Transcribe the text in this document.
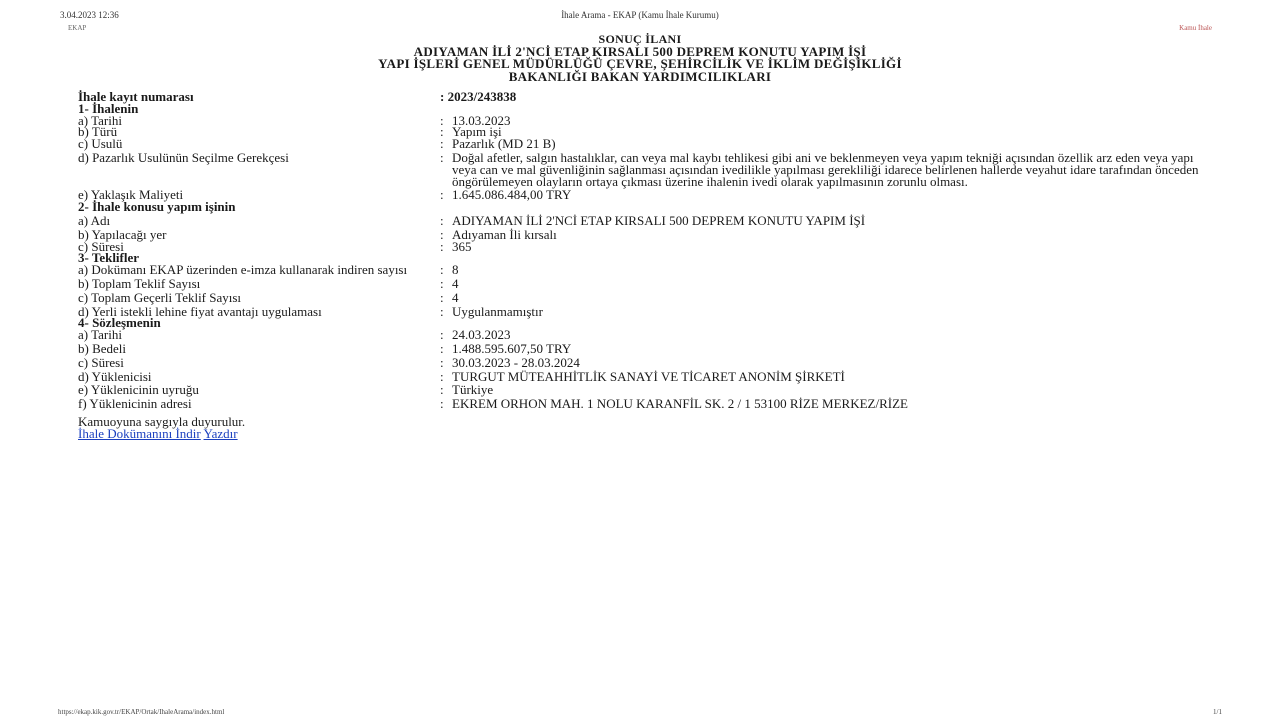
3.04.2023 12:36	İhale Arama - EKAP (Kamu İhale Kurumu)
EKAP	Kamu İhale
SONUÇ İLANI
ADIYAMAN İLİ 2'NCİ ETAP KIRSALI 500 DEPREM KONUTU YAPIM İŞİ
YAPI İŞLERİ GENEL MÜDÜRLÜĞÜ ÇEVRE, ŞEHİRCİLİK VE İKLİM DEĞİŞİKLİĞİ
BAKANLIĞI BAKAN YARDIMCILIKLARI
İhale kayıt numarası	: 2023/243838
1- İhalenin
a) Tarihi	: 13.03.2023
b) Türü	: Yapım işi
c) Usulü	: Pazarlık (MD 21 B)
d) Pazarlık Usulünün Seçilme Gerekçesi	: Doğal afetler, salgın hastalıklar, can veya mal kaybı tehlikesi gibi ani ve beklenmeyen veya yapım tekniği açısından özellik arz eden veya yapı veya can ve mal güvenliğinin sağlanması açısından ivedilikle yapılması gerekliliği idarece belirlenen hallerde veyahut idare tarafından önceden öngörülemeyen olayların ortaya çıkması üzerine ihalenin ivedi olarak yapılmasının zorunlu olması.
e) Yaklaşık Maliyeti	: 1.645.086.484,00 TRY
2- İhale konusu yapım işinin
a) Adı	: ADIYAMAN İLİ 2'NCİ ETAP KIRSALI 500 DEPREM KONUTU YAPIM İŞİ
b) Yapılacağı yer	: Adıyaman İli kırsalı
c) Süresi	: 365
3- Teklifler
a) Dokümanı EKAP üzerinden e-imza kullanarak indiren sayısı	: 8
b) Toplam Teklif Sayısı	: 4
c) Toplam Geçerli Teklif Sayısı	: 4
d) Yerli istekli lehine fiyat avantajı uygulaması	: Uygulanmamıştır
4- Sözleşmenin
a) Tarihi	: 24.03.2023
b) Bedeli	: 1.488.595.607,50 TRY
c) Süresi	: 30.03.2023 - 28.03.2024
d) Yüklenicisi	: TURGUT MÜTEAHHİTLİK SANAYİ VE TİCARET ANONİM ŞİRKETİ
e) Yüklenicinin uyruğu	: Türkiye
f) Yüklenicinin adresi	: EKREM ORHON MAH. 1 NOLU KARANFİL SK. 2 / 1 53100 RİZE MERKEZ/RİZE
Kamuoyuna saygıyla duyurulur.
İhale Dokümanını İndir Yazdır
https://ekap.kik.gov.tr/EKAP/Ortak/IhaleArama/index.html	1/1
